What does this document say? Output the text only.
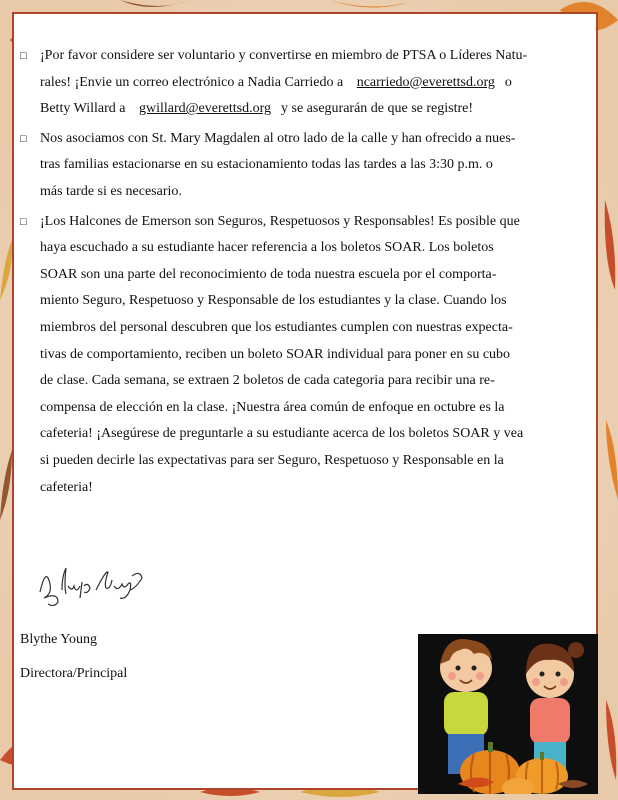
□ ¡Por favor considere ser voluntario y convertirse en miembro de PTSA o Líderes Natu-
rales! ¡Envie un correo electrónico a Nadia Carriedo a ncarriedo@everettsd.org o
Betty Willard a gwillard@everettsd.org y se asegurarán de que se registre!
□ Nos asociamos con St. Mary Magdalen al otro lado de la calle y han ofrecido a nues-
tras familias estacionarse en su estacionamiento todas las tardes a las 3:30 p.m. o
más tarde si es necesario.
□ ¡Los Halcones de Emerson son Seguros, Respetuosos y Responsables! Es posible que
haya escuchado a su estudiante hacer referencia a los boletos SOAR. Los boletos
SOAR son una parte del reconocimiento de toda nuestra escuela por el comporta-
miento Seguro, Respetuoso y Responsable de los estudiantes y la clase. Cuando los
miembros del personal descubren que los estudiantes cumplen con nuestras expecta-
tivas de comportamiento, reciben un boleto SOAR individual para poner en su cubo
de clase. Cada semana, se extraen 2 boletos de cada categoria para recibir una re-
compensa de elección en la clase. ¡Nuestra área común de enfoque en octubre es la
cafeteria! ¡Asegúrese de preguntarle a su estudiante acerca de los boletos SOAR y vea
si pueden decirle las expectativas para ser Seguro, Respetuoso y Responsable en la
cafeteria!
Blythe Young
Directora/Principal
